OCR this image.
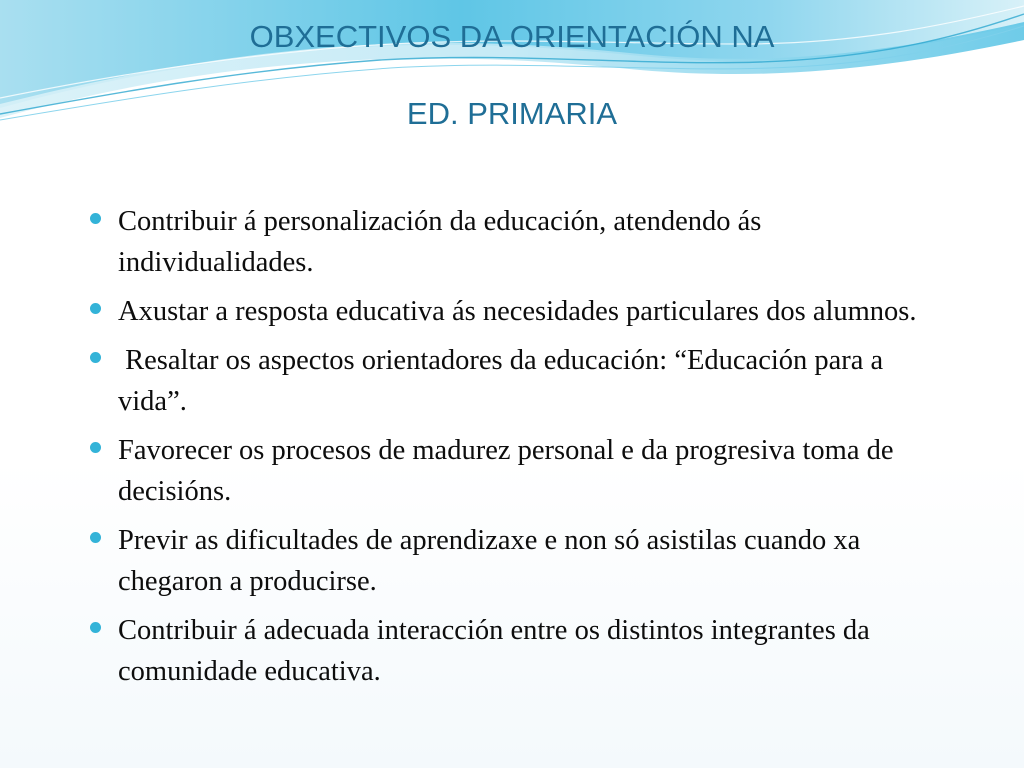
OBXECTIVOS DA ORIENTACIÓN NA
ED. PRIMARIA
Contribuir á personalización da educación, atendendo ás individualidades.
Axustar a resposta educativa ás necesidades particulares dos alumnos.
Resaltar os aspectos orientadores da educación: “Educación para a vida”.
Favorecer os procesos de madurez personal e da progresiva toma de decisións.
Previr as dificultades de aprendizaxe e non só asistilas cuando xa chegaron a producirse.
Contribuir á adecuada interacción entre os distintos integrantes da comunidade educativa.
